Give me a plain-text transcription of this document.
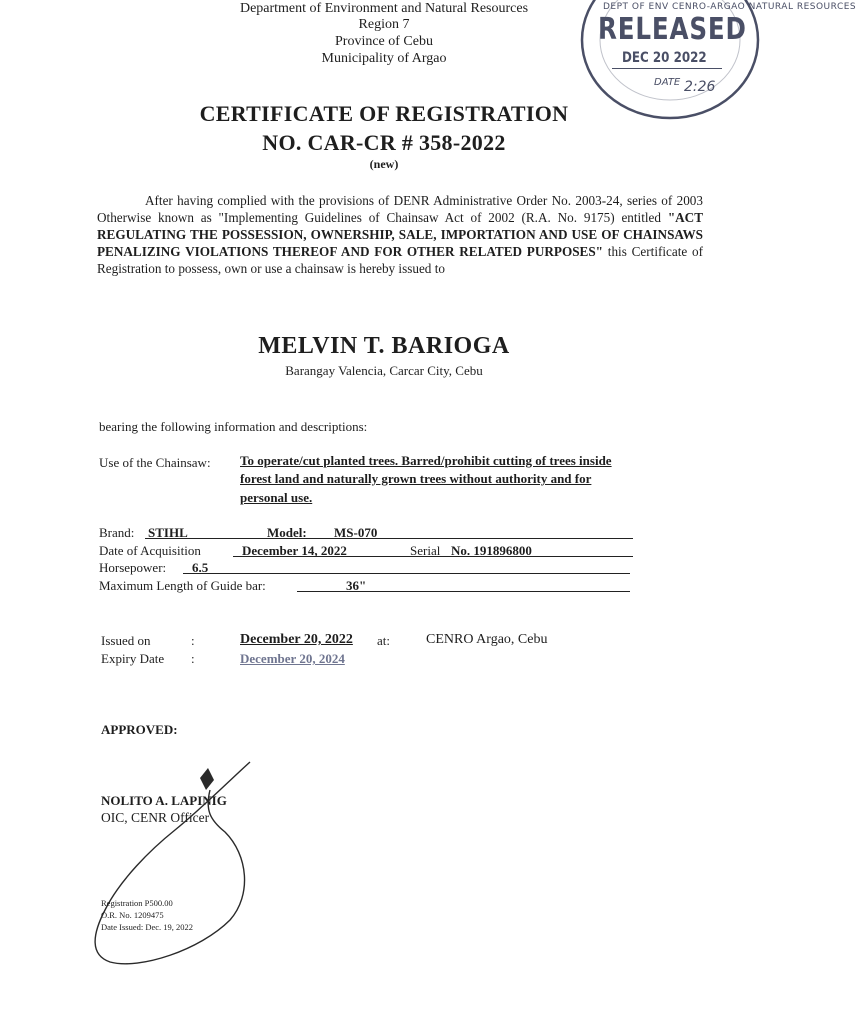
Department of Environment and Natural Resources
Region 7
Province of Cebu
Municipality of Argao
DEPT OF ENV CENRO-ARGAO NATURAL RESOURCES
RELEASED
DEC 20 2022
DATE 2:26
CERTIFICATE OF REGISTRATION
NO. CAR-CR # 358-2022
(new)
After having complied with the provisions of DENR Administrative Order No. 2003-24, series of 2003 Otherwise known as "Implementing Guidelines of Chainsaw Act of 2002 (R.A. No. 9175) entitled "ACT REGULATING THE POSSESSION, OWNERSHIP, SALE, IMPORTATION AND USE OF CHAINSAWS PENALIZING VIOLATIONS THEREOF AND FOR OTHER RELATED PURPOSES" this Certificate of Registration to possess, own or use a chainsaw is hereby issued to
MELVIN T. BARIOGA
Barangay Valencia, Carcar City, Cebu
bearing the following information and descriptions:
Use of the Chainsaw: To operate/cut planted trees. Barred/prohibit cutting of trees inside
forest land and naturally grown trees without authority and for
personal use.
Brand: STIHL	Model: MS-070
Date of Acquisition	December 14, 2022	Serial No. 191896800
Horsepower: 6.5
Maximum Length of Guide bar:	36"
Issued on	:	December 20, 2022 at:	CENRO Argao, Cebu
Expiry Date :	December 20, 2024
APPROVED:
NOLITO A. LAPINIG
OIC, CENR Officer
Registration P500.00
O.R. No. 1209475
Date Issued: Dec. 19, 2022
